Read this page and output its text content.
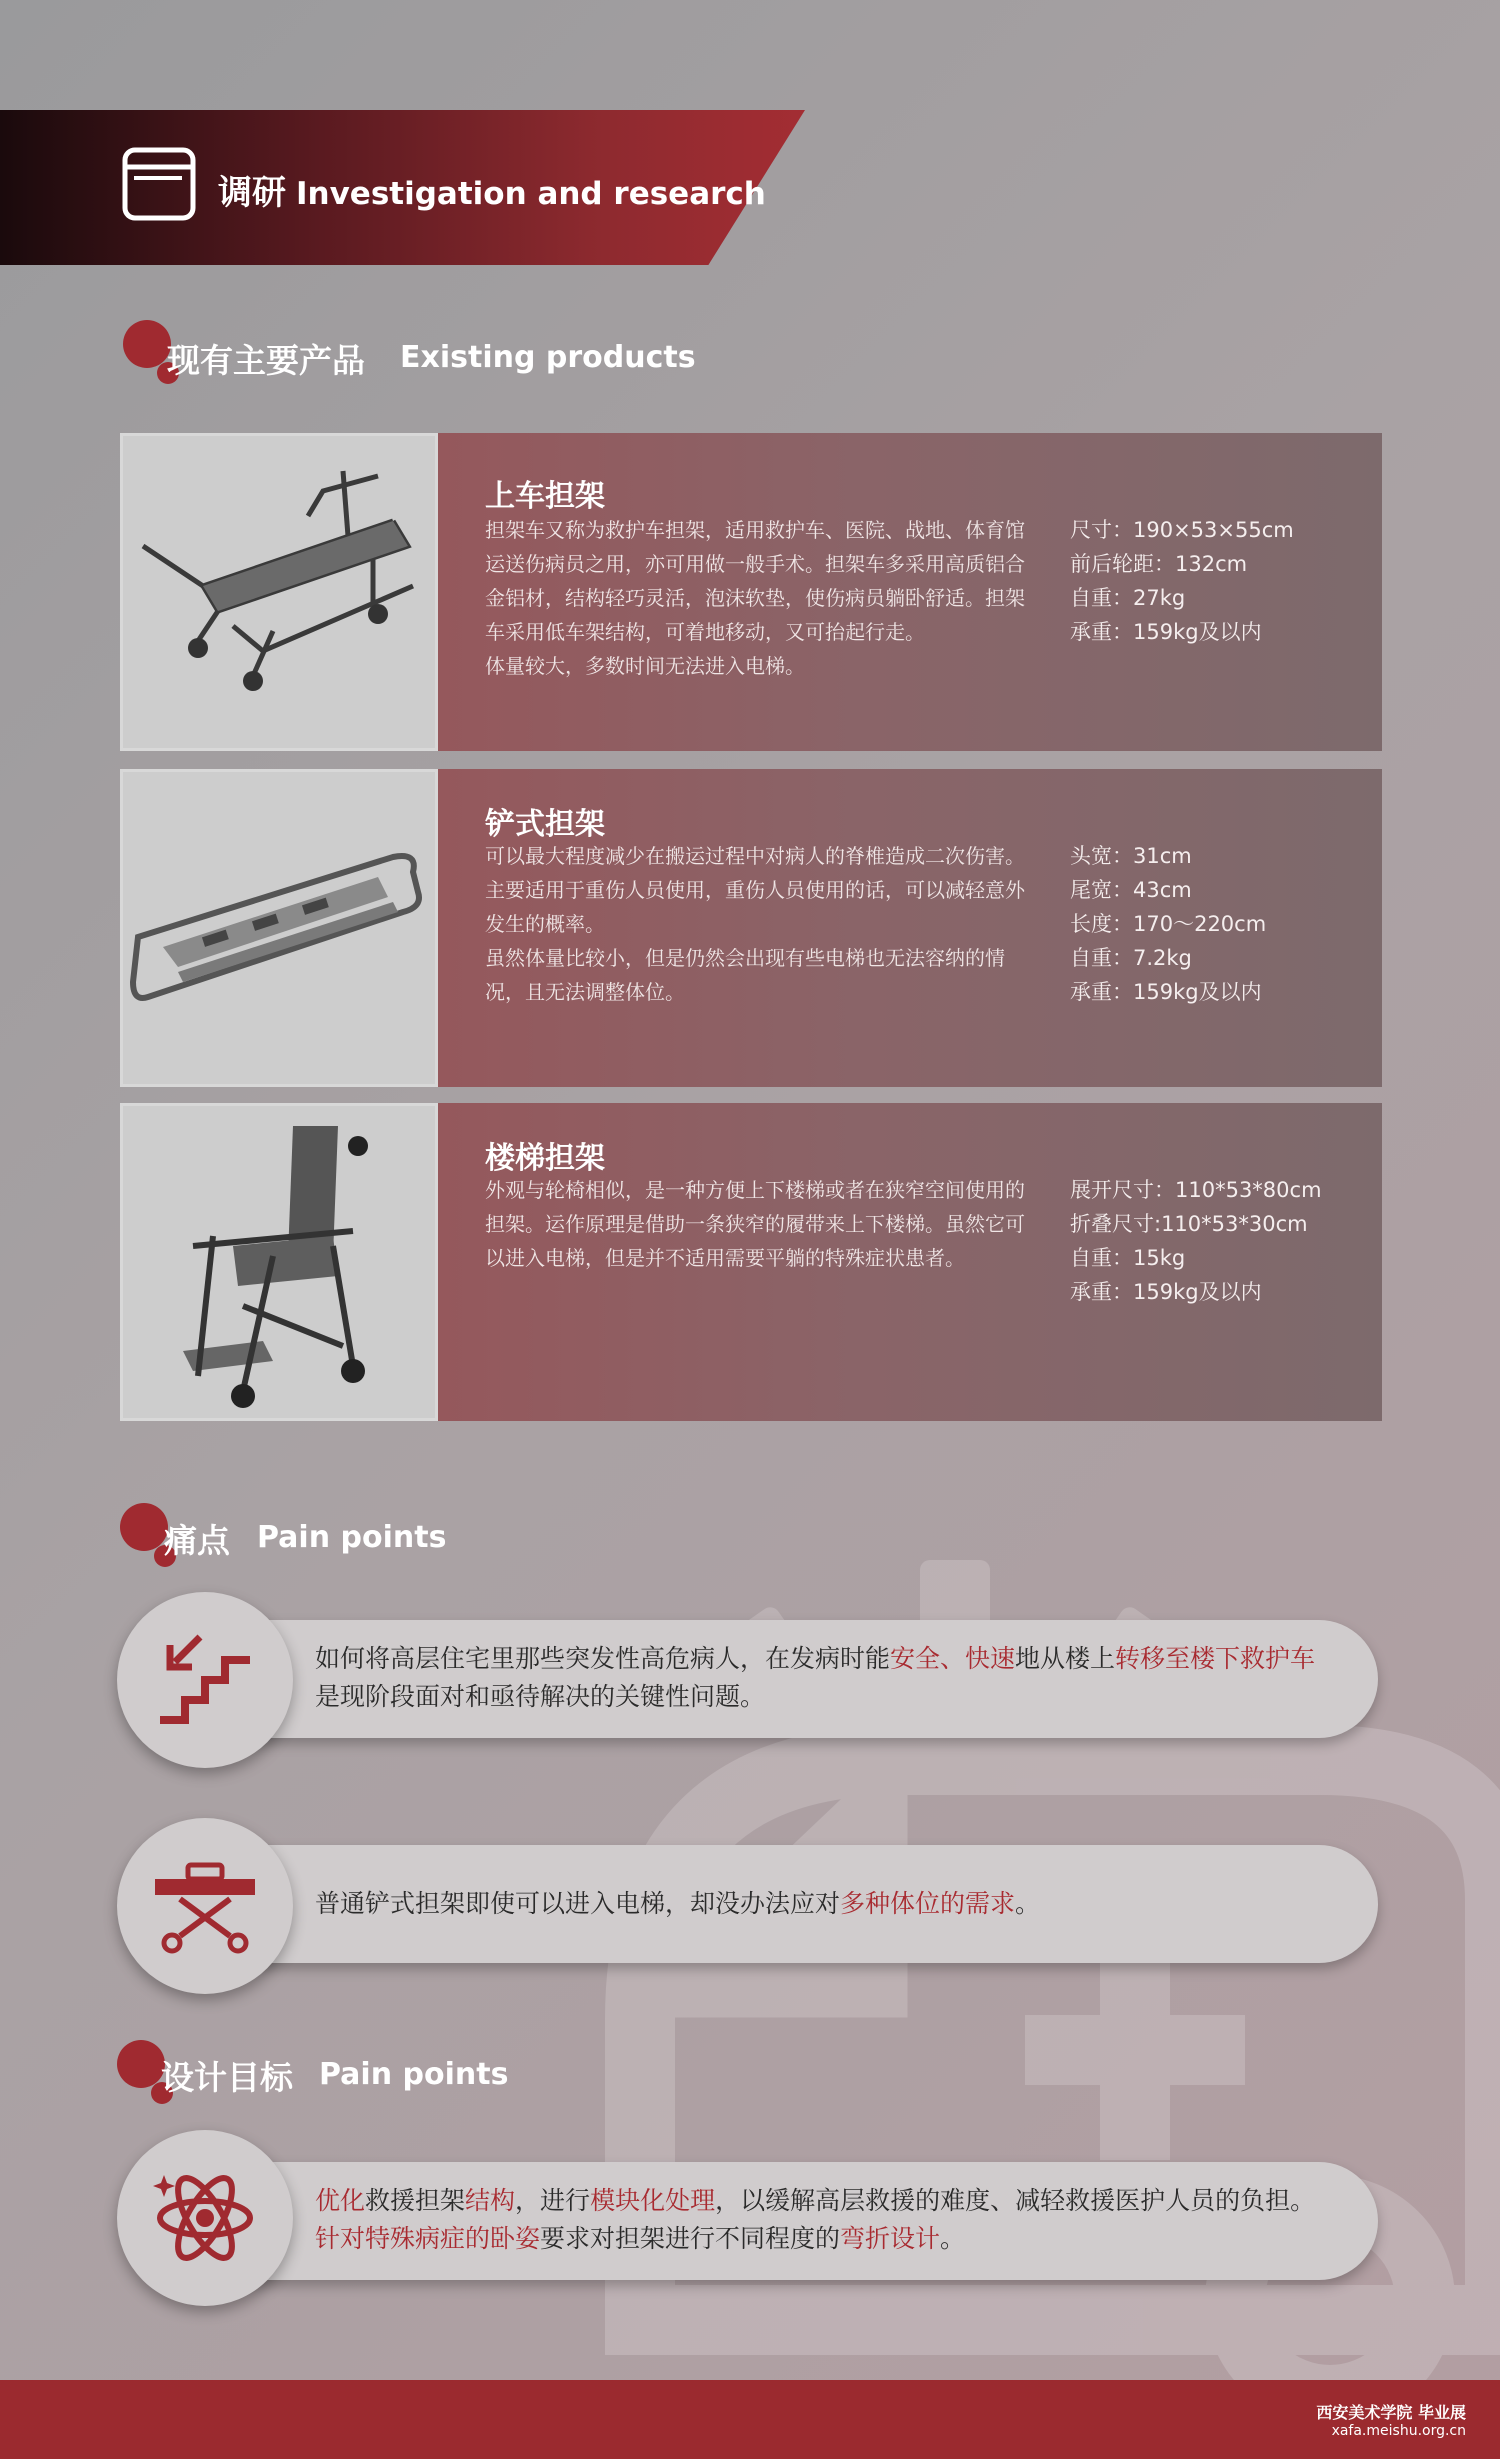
调研 Investigation and research
现有主要产品 Existing products
上车担架

担架车又称为救护车担架，适用救护车、医院、战地、体育馆运送伤病员之用，亦可用做一般手术。担架车多采用高质铝合金铝材，结构轻巧灵活，泡沫软垫，使伤病员躺卧舒适。担架车采用低车架结构，可着地移动，又可抬起行走。

体量较大，多数时间无法进入电梯。

尺寸：190×53×55cm
前后轮距：132cm
自重：27kg
承重：159kg及以内
铲式担架

可以最大程度减少在搬运过程中对病人的脊椎造成二次伤害。主要适用于重伤人员使用，重伤人员使用的话，可以减轻意外发生的概率。

虽然体量比较小，但是仍然会出现有些电梯也无法容纳的情况，且无法调整体位。

头宽：31cm
尾宽：43cm
长度：170～220cm
自重：7.2kg
承重：159kg及以内
楼梯担架

外观与轮椅相似，是一种方便上下楼梯或者在狭窄空间使用的担架。运作原理是借助一条狭窄的履带来上下楼梯。虽然它可以进入电梯，但是并不适用需要平躺的特殊症状患者。

展开尺寸：110*53*80cm
折叠尺寸:110*53*30cm
自重：15kg
承重：159kg及以内
痛点 Pain points
如何将高层住宅里那些突发性高危病人，在发病时能安全、快速地从楼上转移至楼下救护车
是现阶段面对和亟待解决的关键性问题。
普通铲式担架即使可以进入电梯，却没办法应对多种体位的需求。
设计目标 Pain points
优化救援担架结构，进行模块化处理，以缓解高层救援的难度、减轻救援医护人员的负担。
针对特殊病症的卧姿要求对担架进行不同程度的弯折设计。
西安美术学院 毕业展
xafa.meishu.org.cn
